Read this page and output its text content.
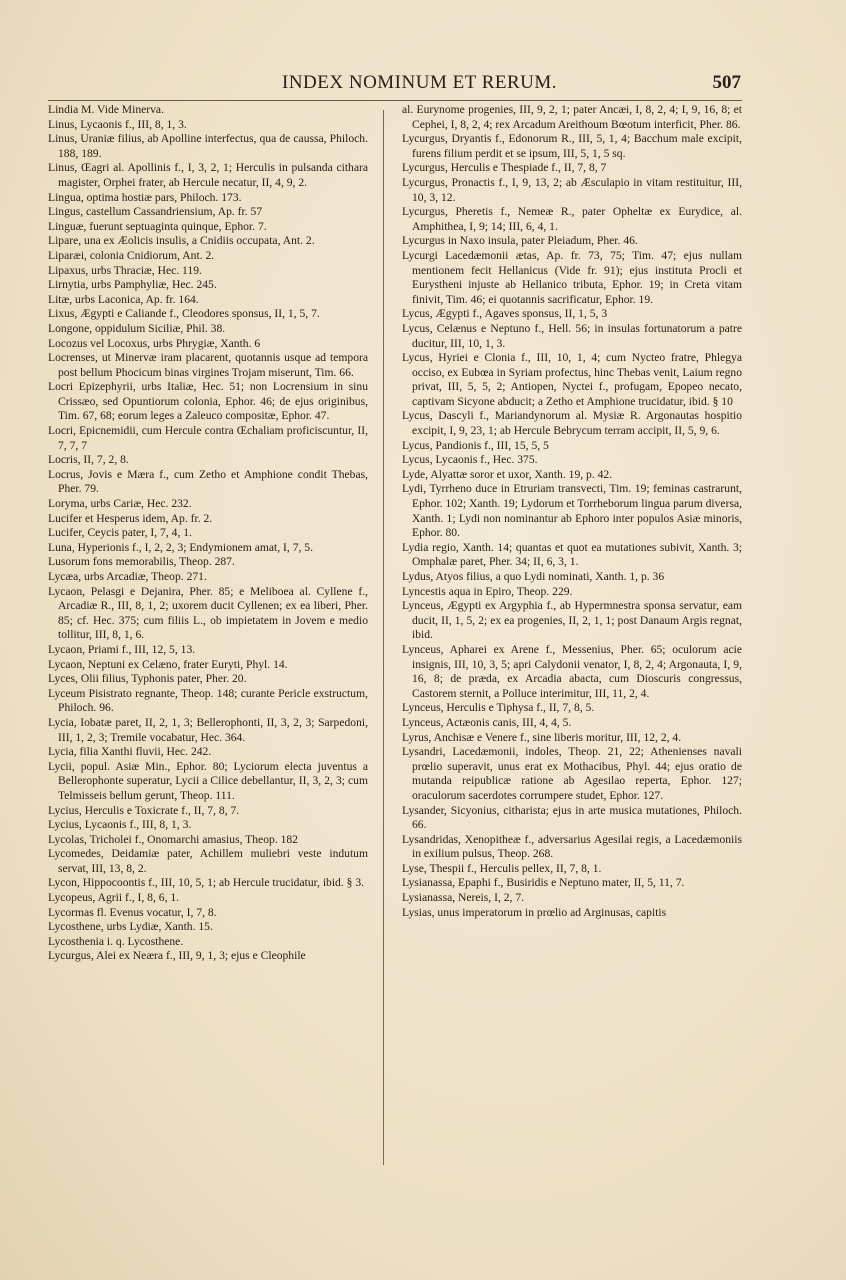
INDEX NOMINUM ET RERUM.	507

Lindia M. Vide Minerva.

Linus, Lycaonis f., III, 8, 1, 3.

Linus, Uraniæ filius, ab Apolline interfectus, qua de caussa, Philoch. 188, 189.

Linus, Œagri al. Apollinis f., I, 3, 2, 1; Herculis in pulsanda cithara magister, Orphei frater, ab Hercule necatur, II, 4, 9, 2.

Lingua, optima hostiæ pars, Philoch. 173.

Lingus, castellum Cassandriensium, Ap. fr. 57

Linguæ, fuerunt septuaginta quinque, Ephor. 7.

Lipare, una ex Æolicis insulis, a Cnidiis occupata, Ant. 2.

Liparæi, colonia Cnidiorum, Ant. 2.

Lipaxus, urbs Thraciæ, Hec. 119.

Lirnytia, urbs Pamphyliæ, Hec. 245.

Litæ, urbs Laconica, Ap. fr. 164.

Lixus, Ægypti e Caliande f., Cleodores sponsus, II, 1, 5, 7.

Longone, oppidulum Siciliæ, Phil. 38.

Locozus vel Locoxus, urbs Phrygiæ, Xanth. 6

Locrenses, ut Minervæ iram placarent, quotannis usque ad tempora post bellum Phocicum binas virgines Trojam miserunt, Tim. 66.

Locri Epizephyrii, urbs Italiæ, Hec. 51; non Locrensium in sinu Crissæo, sed Opuntiorum colonia, Ephor. 46; de ejus originibus, Tim. 67, 68; eorum leges a Zaleuco compositæ, Ephor. 47.

Locri, Epicnemidii, cum Hercule contra Œchaliam proficiscuntur, II, 7, 7, 7

Locris, II, 7, 2, 8.

Locrus, Jovis e Mæra f., cum Zetho et Amphione condit Thebas, Pher. 79.

Loryma, urbs Cariæ, Hec. 232.

Lucifer et Hesperus idem, Ap. fr. 2.

Lucifer, Ceycis pater, I, 7, 4, 1.

Luna, Hyperionis f., I, 2, 2, 3; Endymionem amat, I, 7, 5.

Lusorum fons memorabilis, Theop. 287.

Lycæa, urbs Arcadiæ, Theop. 271.

Lycaon, Pelasgi e Dejanira, Pher. 85; e Meliboea al. Cyllene f., Arcadiæ R., III, 8, 1, 2; uxorem ducit Cyllenen; ex ea liberi, Pher. 85; cf. Hec. 375; cum filiis L., ob impietatem in Jovem e medio tollitur, III, 8, 1, 6.

Lycaon, Priami f., III, 12, 5, 13.

Lycaon, Neptuni ex Celæno, frater Euryti, Phyl. 14.

Lyces, Olii filius, Typhonis pater, Pher. 20.

Lyceum Pisistrato regnante, Theop. 148; curante Pericle exstructum, Philoch. 96.

Lycia, Iobatæ paret, II, 2, 1, 3; Bellerophonti, II, 3, 2, 3; Sarpedoni, III, 1, 2, 3; Tremile vocabatur, Hec. 364.

Lycia, filia Xanthi fluvii, Hec. 242.

Lycii, popul. Asiæ Min., Ephor. 80; Lyciorum electa juventus a Bellerophonte superatur, Lycii a Cilice debellantur, II, 3, 2, 3; cum Telmisseis bellum gerunt, Theop. 111.

Lycius, Herculis e Toxicrate f., II, 7, 8, 7.

Lycius, Lycaonis f., III, 8, 1, 3.

Lycolas, Tricholei f., Onomarchi amasius, Theop. 182

Lycomedes, Deidamiæ pater, Achillem muliebri veste indutum servat, III, 13, 8, 2.

Lycon, Hippocoontis f., III, 10, 5, 1; ab Hercule trucidatur, ibid. § 3.

Lycopeus, Agrii f., I, 8, 6, 1.

Lycormas fl. Evenus vocatur, I, 7, 8.

Lycosthene, urbs Lydiæ, Xanth. 15.

Lycosthenia i. q. Lycosthene.

Lycurgus, Alei ex Neæra f., III, 9, 1, 3; ejus e Cleophile

al. Eurynome progenies, III, 9, 2, 1; pater Ancæi, I, 8, 2, 4; I, 9, 16, 8; et Cephei, I, 8, 2, 4; rex Arcadum Areithoum Bœotum interficit, Pher. 86.

Lycurgus, Dryantis f., Edonorum R., III, 5, 1, 4; Bacchum male excipit, furens filium perdit et se ipsum, III, 5, 1, 5 sq.

Lycurgus, Herculis e Thespiade f., II, 7, 8, 7

Lycurgus, Pronactis f., I, 9, 13, 2; ab Æsculapio in vitam restituitur, III, 10, 3, 12.

Lycurgus, Pheretis f., Nemeæ R., pater Opheltæ ex Eurydice, al. Amphithea, I, 9; 14; III, 6, 4, 1.

Lycurgus in Naxo insula, pater Pleiadum, Pher. 46.

Lycurgi Lacedæmonii ætas, Ap. fr. 73, 75; Tim. 47; ejus nullam mentionem fecit Hellanicus (Vide fr. 91); ejus instituta Procli et Eurysthenі injuste ab Hellanico tributa, Ephor. 19; in Creta vitam finivit, Tim. 46; ei quotannis sacrificatur, Ephor. 19.

Lycus, Ægypti f., Agaves sponsus, II, 1, 5, 3

Lycus, Celænus e Neptuno f., Hell. 56; in insulas fortunatorum a patre ducitur, III, 10, 1, 3.

Lycus, Hyriei e Clonia f., III, 10, 1, 4; cum Nycteo fratre, Phlegya occiso, ex Eubœa in Syriam profectus, hinc Thebas venit, Laium regno privat, III, 5, 5, 2; Antiopen, Nyctei f., profugam, Epopeo necato, captivam Sicyone abducit; a Zetho et Amphione trucidatur, ibid. § 10

Lycus, Dascyli f., Mariandynorum al. Mysiæ R. Argonautas hospitio excipit, I, 9, 23, 1; ab Hercule Bebrycum terram accipit, II, 5, 9, 6.

Lycus, Pandionis f., III, 15, 5, 5

Lycus, Lycaonis f., Hec. 375.

Lyde, Alyattæ soror et uxor, Xanth. 19, p. 42.

Lydi, Tyrrheno duce in Etruriam transvecti, Tim. 19; feminas castrarunt, Ephor. 102; Xanth. 19; Lydorum et Torrheborum lingua parum diversa, Xanth. 1; Lydi non nominantur ab Ephoro inter populos Asiæ minoris, Ephor. 80.

Lydia regio, Xanth. 14; quantas et quot ea mutationes subivit, Xanth. 3; Omphalæ paret, Pher. 34; II, 6, 3, 1.

Lydus, Atyos filius, a quo Lydi nominati, Xanth. 1, p. 36

Lyncestis aqua in Epiro, Theop. 229.

Lynceus, Ægypti ex Argyphia f., ab Hypermnestra sponsa servatur, eam ducit, II, 1, 5, 2; ex ea progenies, II, 2, 1, 1; post Danaum Argis regnat, ibid.

Lynceus, Apharei ex Arene f., Messenius, Pher. 65; oculorum acie insignis, III, 10, 3, 5; apri Calydonii venator, I, 8, 2, 4; Argonauta, I, 9, 16, 8; de præda, ex Arcadia abacta, cum Dioscuris congressus, Castorem sternit, a Polluce interimitur, III, 11, 2, 4.

Lynceus, Herculis e Tiphysa f., II, 7, 8, 5.

Lynceus, Actæonis canis, III, 4, 4, 5.

Lyrus, Anchisæ e Venere f., sine liberis moritur, III, 12, 2, 4.

Lysandri, Lacedæmonii, indoles, Theop. 21, 22; Athenienses navali prœlio superavit, unus erat ex Mothacibus, Phyl. 44; ejus oratio de mutanda reipublicæ ratione ab Agesilao reperta, Ephor. 127; oraculorum sacerdotes corrumpere studet, Ephor. 127.

Lysander, Sicyonius, citharista; ejus in arte musica mutationes, Philoch. 66.

Lysandridas, Xenopitheæ f., adversarius Agesilai regis, a Lacedæmoniis in exilium pulsus, Theop. 268.

Lyse, Thespii f., Herculis pellex, II, 7, 8, 1.

Lysianassa, Epaphi f., Busiridis e Neptuno mater, II, 5, 11, 7.

Lysianassa, Nereis, I, 2, 7.

Lysias, unus imperatorum in prœlio ad Arginusas, capitis
